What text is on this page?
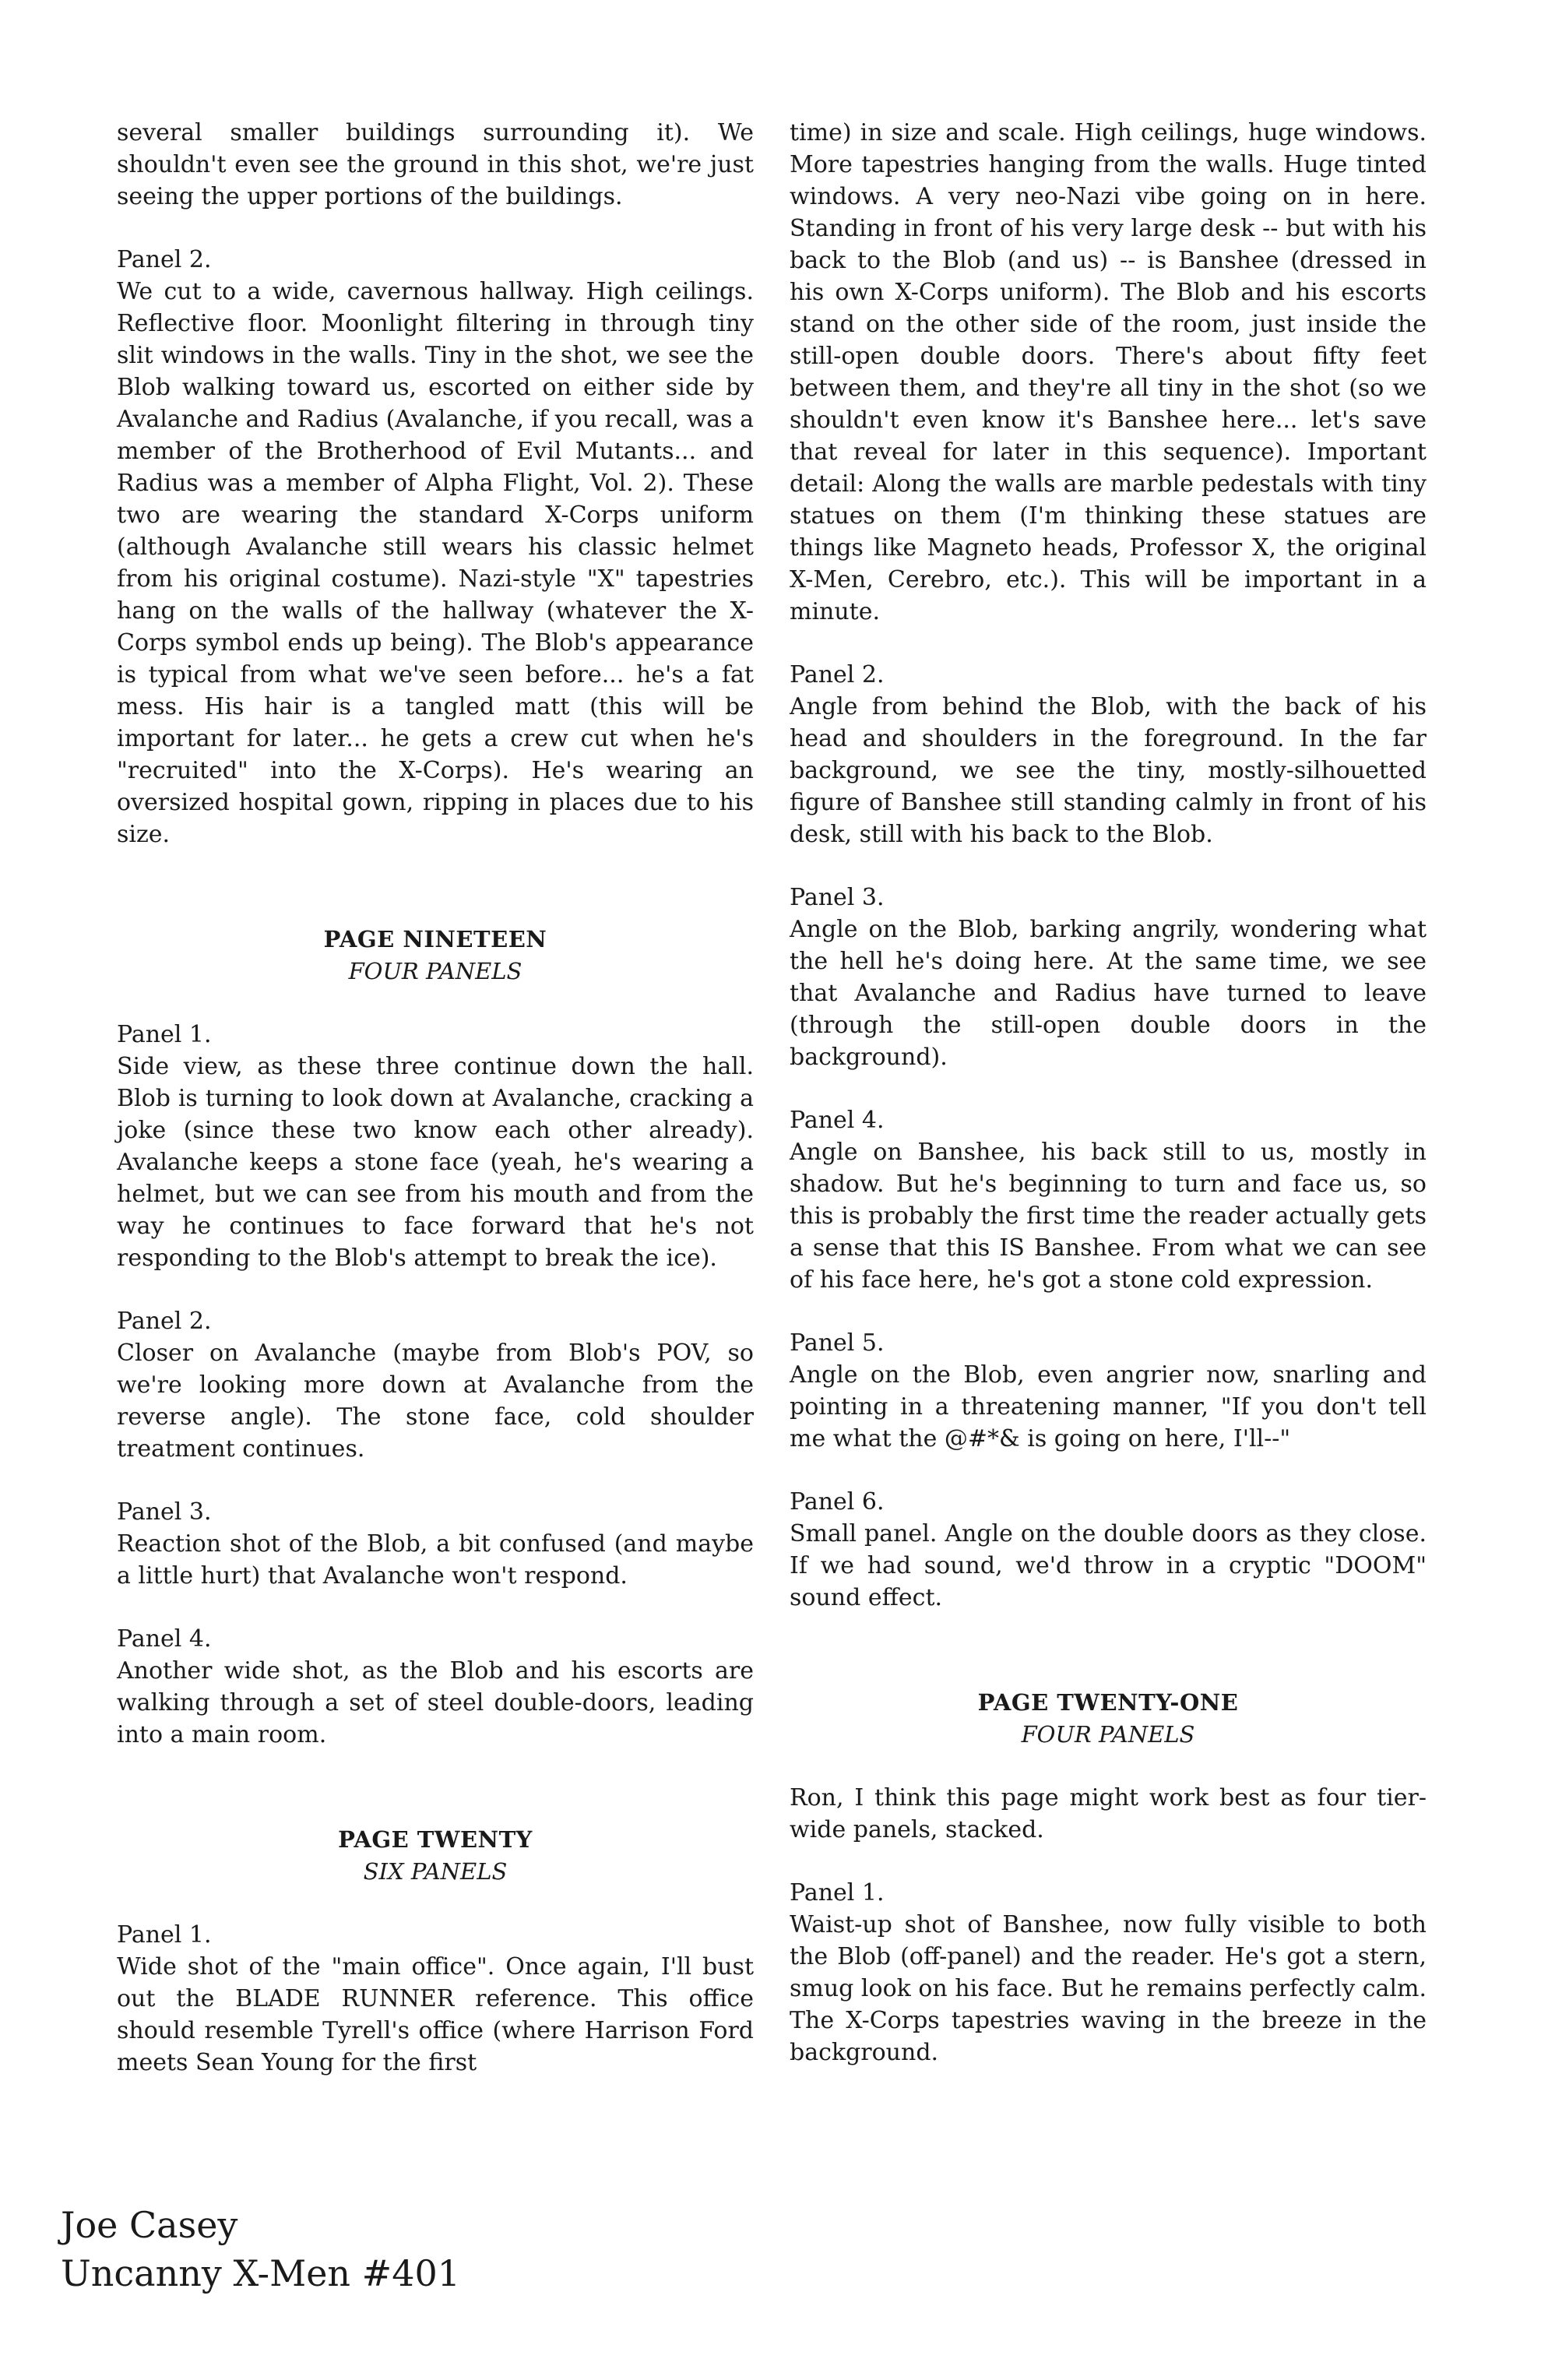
several smaller buildings surrounding it). We shouldn't even see the ground in this shot, we're just seeing the upper portions of the buildings.
Panel 2.
We cut to a wide, cavernous hallway. High ceilings. Reflective floor. Moonlight filtering in through tiny slit windows in the walls. Tiny in the shot, we see the Blob walking toward us, escorted on either side by Avalanche and Radius (Avalanche, if you recall, was a member of the Brotherhood of Evil Mutants... and Radius was a member of Alpha Flight, Vol. 2). These two are wearing the standard X-Corps uniform (although Avalanche still wears his classic helmet from his original costume). Nazi-style "X" tapestries hang on the walls of the hallway (whatever the X-Corps symbol ends up being). The Blob's appearance is typical from what we've seen before... he's a fat mess. His hair is a tangled matt (this will be important for later... he gets a crew cut when he's "recruited" into the X-Corps). He's wearing an oversized hospital gown, ripping in places due to his size.
PAGE NINETEEN
FOUR PANELS
Panel 1.
Side view, as these three continue down the hall. Blob is turning to look down at Avalanche, cracking a joke (since these two know each other already). Avalanche keeps a stone face (yeah, he's wearing a helmet, but we can see from his mouth and from the way he continues to face forward that he's not responding to the Blob's attempt to break the ice).
Panel 2.
Closer on Avalanche (maybe from Blob's POV, so we're looking more down at Avalanche from the reverse angle). The stone face, cold shoulder treatment continues.
Panel 3.
Reaction shot of the Blob, a bit confused (and maybe a little hurt) that Avalanche won't respond.
Panel 4.
Another wide shot, as the Blob and his escorts are walking through a set of steel double-doors, leading into a main room.
PAGE TWENTY
SIX PANELS
Panel 1.
Wide shot of the "main office". Once again, I'll bust out the BLADE RUNNER reference. This office should resemble Tyrell's office (where Harrison Ford meets Sean Young for the first
time) in size and scale. High ceilings, huge windows. More tapestries hanging from the walls. Huge tinted windows. A very neo-Nazi vibe going on in here. Standing in front of his very large desk -- but with his back to the Blob (and us) -- is Banshee (dressed in his own X-Corps uniform). The Blob and his escorts stand on the other side of the room, just inside the still-open double doors. There's about fifty feet between them, and they're all tiny in the shot (so we shouldn't even know it's Banshee here... let's save that reveal for later in this sequence). Important detail: Along the walls are marble pedestals with tiny statues on them (I'm thinking these statues are things like Magneto heads, Professor X, the original X-Men, Cerebro, etc.). This will be important in a minute.
Panel 2.
Angle from behind the Blob, with the back of his head and shoulders in the foreground. In the far background, we see the tiny, mostly-silhouetted figure of Banshee still standing calmly in front of his desk, still with his back to the Blob.
Panel 3.
Angle on the Blob, barking angrily, wondering what the hell he's doing here. At the same time, we see that Avalanche and Radius have turned to leave (through the still-open double doors in the background).
Panel 4.
Angle on Banshee, his back still to us, mostly in shadow. But he's beginning to turn and face us, so this is probably the first time the reader actually gets a sense that this IS Banshee. From what we can see of his face here, he's got a stone cold expression.
Panel 5.
Angle on the Blob, even angrier now, snarling and pointing in a threatening manner, "If you don't tell me what the @#*& is going on here, I'll--"
Panel 6.
Small panel. Angle on the double doors as they close. If we had sound, we'd throw in a cryptic "DOOM" sound effect.
PAGE TWENTY-ONE
FOUR PANELS
Ron, I think this page might work best as four tier-wide panels, stacked.
Panel 1.
Waist-up shot of Banshee, now fully visible to both the Blob (off-panel) and the reader. He's got a stern, smug look on his face. But he remains perfectly calm. The X-Corps tapestries waving in the breeze in the background.
Joe Casey
Uncanny X-Men #401
